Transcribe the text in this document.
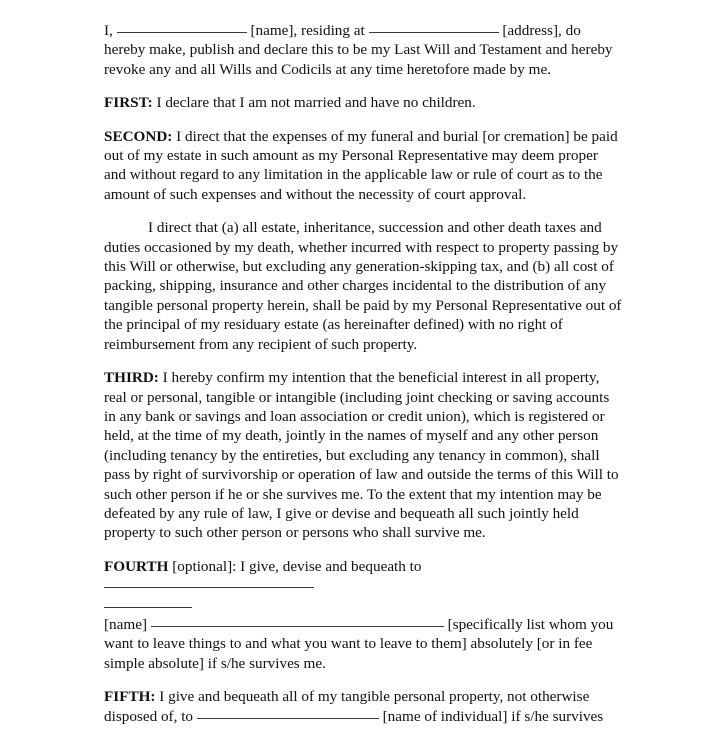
I,	[name], residing at	[address], do hereby make, publish and declare this to be my Last Will and Testament and hereby revoke any and all Wills and Codicils at any time heretofore made by me.

FIRST: I declare that I am not married and have no children.

SECOND: I direct that the expenses of my funeral and burial [or cremation] be paid out of my estate in such amount as my Personal Representative may deem proper and without regard to any limitation in the applicable law or rule of court as to the amount of such expenses and without the necessity of court approval.

I direct that (a) all estate, inheritance, succession and other death taxes and duties occasioned by my death, whether incurred with respect to property passing by this Will or otherwise, but excluding any generation-skipping tax, and (b) all cost of packing, shipping, insurance and other charges incidental to the distribution of any tangible personal property herein, shall be paid by my Personal Representative out of the principal of my residuary estate (as hereinafter defined) with no right of reimbursement from any recipient of such property.

THIRD: I hereby confirm my intention that the beneficial interest in all property, real or personal, tangible or intangible (including joint checking or saving accounts in any bank or savings and loan association or credit union), which is registered or held, at the time of my death, jointly in the names of myself and any other person (including tenancy by the entireties, but excluding any tenancy in common), shall pass by right of survivorship or operation of law and outside the terms of this Will to such other person if he or she survives me. To the extent that my intention may be defeated by any rule of law, I give or devise and bequeath all such jointly held property to such other person or persons who shall survive me.

FOURTH [optional]: I give, devise and bequeath to

[name]	[specifically list whom you want to leave things to and what you want to leave to them] absolutely [or in fee simple absolute] if s/he survives me.

FIFTH: I give and bequeath all of my tangible personal property, not otherwise
disposed of, to	[name of individual] if s/he survives
